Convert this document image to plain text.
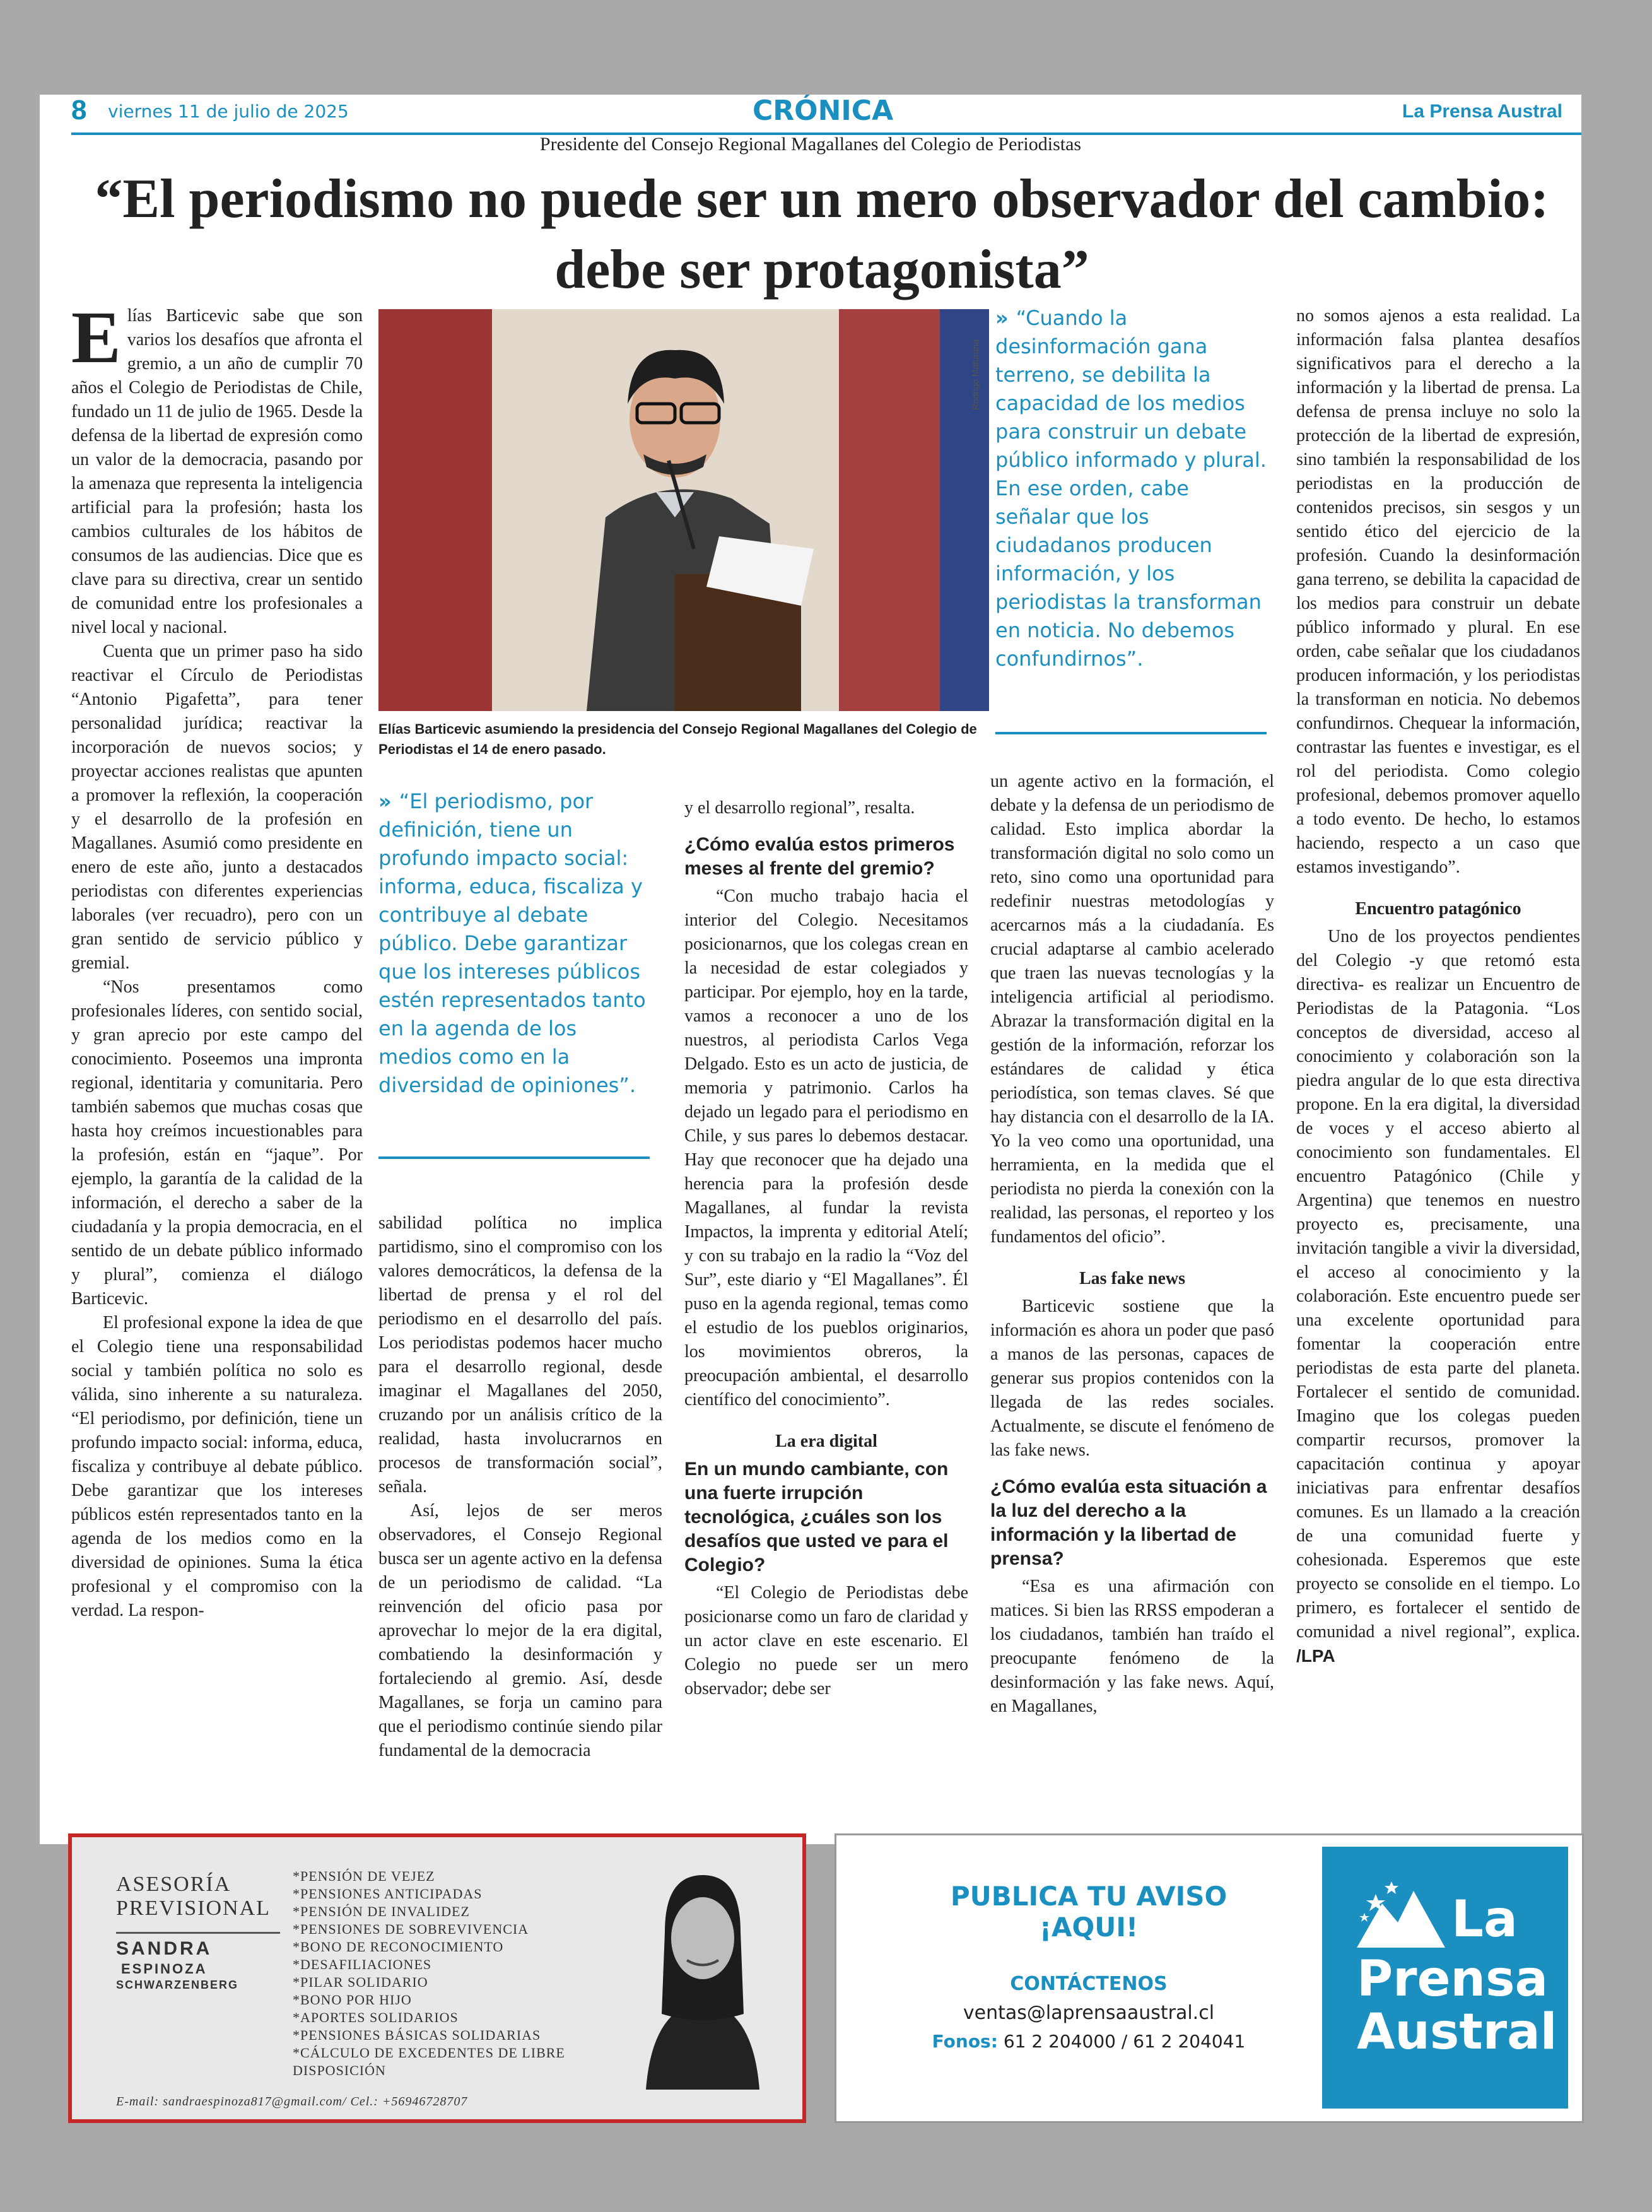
8 viernes 11 de julio de 2025	CRÓNICA	La Prensa Austral
Presidente del Consejo Regional Magallanes del Colegio de Periodistas
“El periodismo no puede ser un mero observador del cambio: debe ser protagonista”

Elías Barticevic sabe que son varios los desafíos que afronta el gremio, a un año de cumplir 70 años el Colegio de Periodistas de Chile, fundado un 11 de julio de 1965. Desde la defensa de la libertad de expresión como un valor de la democracia, pasando por la amenaza que representa la inteligencia artificial para la profesión; hasta los cambios culturales de los hábitos de consumos de las audiencias. Dice que es clave para su directiva, crear un sentido de comunidad entre los profesionales a nivel local y nacional.

Cuenta que un primer paso ha sido reactivar el Círculo de Periodistas “Antonio Pigafetta”, para tener personalidad jurídica; reactivar la incorporación de nuevos socios; y proyectar acciones realistas que apunten a promover la reflexión, la cooperación y el desarrollo de la profesión en Magallanes. Asumió como presidente en enero de este año, junto a destacados periodistas con diferentes experiencias laborales (ver recuadro), pero con un gran sentido de servicio público y gremial.

“Nos presentamos como profesionales líderes, con sentido social, y gran aprecio por este campo del conocimiento. Poseemos una impronta regional, identitaria y comunitaria. Pero también sabemos que muchas cosas que hasta hoy creímos incuestionables para la profesión, están en “jaque”. Por ejemplo, la garantía de la calidad de la información, el derecho a saber de la ciudadanía y la propia democracia, en el sentido de un debate público informado y plural”, comienza el diálogo Barticevic.

El profesional expone la idea de que el Colegio tiene una responsabilidad social y también política no solo es válida, sino inherente a su naturaleza. “El periodismo, por definición, tiene un profundo impacto social: informa, educa, fiscaliza y contribuye al debate público. Debe garantizar que los intereses públicos estén representados tanto en la agenda de los medios como en la diversidad de opiniones. Suma la ética profesional y el compromiso con la verdad. La respon-

Rodrigo Maturana
Elías Barticevic asumiendo la presidencia del Consejo Regional Magallanes del Colegio de Periodistas el 14 de enero pasado.
» “El periodismo, por definición, tiene un profundo impacto social: informa, educa, fiscaliza y contribuye al debate público. Debe garantizar que los intereses públicos estén representados tanto en la agenda de los medios como en la diversidad de opiniones”.

sabilidad política no implica partidismo, sino el compromiso con los valores democráticos, la defensa de la libertad de prensa y el rol del periodismo en el desarrollo del país. Los periodistas podemos hacer mucho para el desarrollo regional, desde imaginar el Magallanes del 2050, cruzando por un análisis crítico de la realidad, hasta involucrarnos en procesos de transformación social”, señala.

Así, lejos de ser meros observadores, el Consejo Regional busca ser un agente activo en la defensa de un periodismo de calidad. “La reinvención del oficio pasa por aprovechar lo mejor de la era digital, combatiendo la desinformación y fortaleciendo al gremio. Así, desde Magallanes, se forja un camino para que el periodismo continúe siendo pilar fundamental de la democracia

y el desarrollo regional”, resalta.

¿Cómo evalúa estos primeros meses al frente del gremio?

“Con mucho trabajo hacia el interior del Colegio. Necesitamos posicionarnos, que los colegas crean en la necesidad de estar colegiados y participar. Por ejemplo, hoy en la tarde, vamos a reconocer a uno de los nuestros, al periodista Carlos Vega Delgado. Esto es un acto de justicia, de memoria y patrimonio. Carlos ha dejado un legado para el periodismo en Chile, y sus pares lo debemos destacar. Hay que reconocer que ha dejado una herencia para la profesión desde Magallanes, al fundar la revista Impactos, la imprenta y editorial Atelí; y con su trabajo en la radio la “Voz del Sur”, este diario y “El Magallanes”. Él puso en la agenda regional, temas como el estudio de los pueblos originarios, los movimientos obreros, la preocupación ambiental, el desarrollo científico del conocimiento”.

La era digital
En un mundo cambiante, con una fuerte irrupción tecnológica, ¿cuáles son los desafíos que usted ve para el Colegio?

“El Colegio de Periodistas debe posicionarse como un faro de claridad y un actor clave en este escenario. El Colegio no puede ser un mero observador; debe ser

» “Cuando la desinformación gana terreno, se debilita la capacidad de los medios para construir un debate público informado y plural. En ese orden, cabe señalar que los ciudadanos producen información, y los periodistas la transforman en noticia. No debemos confundirnos”.

un agente activo en la formación, el debate y la defensa de un periodismo de calidad. Esto implica abordar la transformación digital no solo como un reto, sino como una oportunidad para redefinir nuestras metodologías y acercarnos más a la ciudadanía. Es crucial adaptarse al cambio acelerado que traen las nuevas tecnologías y la inteligencia artificial al periodismo. Abrazar la transformación digital en la gestión de la información, reforzar los estándares de calidad y ética periodística, son temas claves. Sé que hay distancia con el desarrollo de la IA. Yo la veo como una oportunidad, una herramienta, en la medida que el periodista no pierda la conexión con la realidad, las personas, el reporteo y los fundamentos del oficio”.

Las fake news

Barticevic sostiene que la información es ahora un poder que pasó a manos de las personas, capaces de generar sus propios contenidos con la llegada de las redes sociales. Actualmente, se discute el fenómeno de las fake news.

¿Cómo evalúa esta situación a la luz del derecho a la información y la libertad de prensa?

“Esa es una afirmación con matices. Si bien las RRSS empoderan a los ciudadanos, también han traído el preocupante fenómeno de la desinformación y las fake news. Aquí, en Magallanes,

no somos ajenos a esta realidad. La información falsa plantea desafíos significativos para el derecho a la información y la libertad de prensa. La defensa de prensa incluye no solo la protección de la libertad de expresión, sino también la responsabilidad de los periodistas en la producción de contenidos precisos, sin sesgos y un sentido ético del ejercicio de la profesión. Cuando la desinformación gana terreno, se debilita la capacidad de los medios para construir un debate público informado y plural. En ese orden, cabe señalar que los ciudadanos producen información, y los periodistas la transforman en noticia. No debemos confundirnos. Chequear la información, contrastar las fuentes e investigar, es el rol del periodista. Como colegio profesional, debemos promover aquello a todo evento. De hecho, lo estamos haciendo, respecto a un caso que estamos investigando”.

Encuentro patagónico

Uno de los proyectos pendientes del Colegio -y que retomó esta directiva- es realizar un Encuentro de Periodistas de la Patagonia. “Los conceptos de diversidad, acceso al conocimiento y colaboración son la piedra angular de lo que esta directiva propone. En la era digital, la diversidad de voces y el acceso abierto al conocimiento son fundamentales. El encuentro Patagónico (Chile y Argentina) que tenemos en nuestro proyecto es, precisamente, una invitación tangible a vivir la diversidad, el acceso al conocimiento y la colaboración. Este encuentro puede ser una excelente oportunidad para fomentar la cooperación entre periodistas de esta parte del planeta. Fortalecer el sentido de comunidad. Imagino que los colegas pueden compartir recursos, promover la capacitación continua y apoyar iniciativas para enfrentar desafíos comunes. Es un llamado a la creación de una comunidad fuerte y cohesionada. Esperemos que este proyecto se consolide en el tiempo. Lo primero, es fortalecer el sentido de comunidad a nivel regional”, explica. /LPA

ASESORÍA
PREVISIONAL
SANDRA
ESPINOZA
SCHWARZENBERG
*PENSIÓN DE VEJEZ
*PENSIONES ANTICIPADAS
*PENSIÓN DE INVALIDEZ
*PENSIONES DE SOBREVIVENCIA
*BONO DE RECONOCIMIENTO
*DESAFILIACIONES
*PILAR SOLIDARIO
*BONO POR HIJO
*APORTES SOLIDARIOS
*PENSIONES BÁSICAS SOLIDARIAS
*CÁLCULO DE EXCEDENTES DE LIBRE DISPOSICIÓN
E-mail: sandraespinoza817@gmail.com/ Cel.: +56946728707
PUBLICA TU AVISO ¡AQUI!
CONTÁCTENOS
ventas@laprensaaustral.cl
Fonos: 61 2 204000 / 61 2 204041
La
Prensa
Austral
